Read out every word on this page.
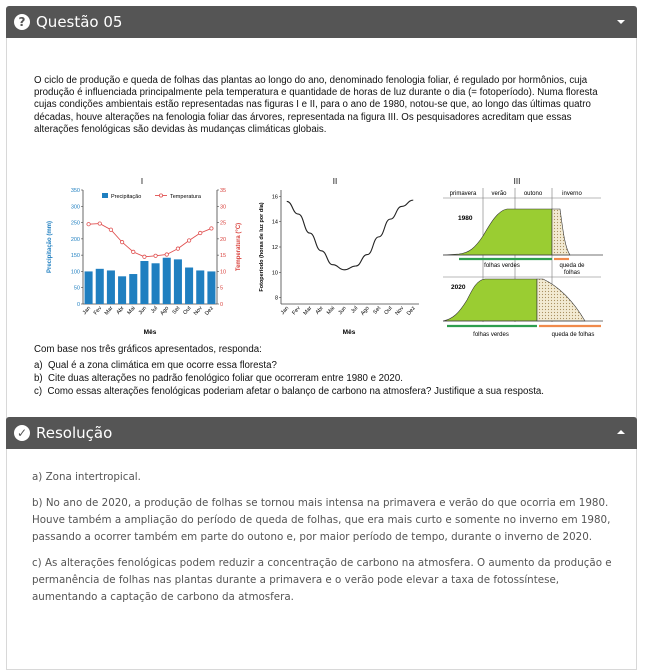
? Questão 05

O ciclo de produção e queda de folhas das plantas ao longo do ano, denominado fenologia foliar, é regulado por hormônios, cuja produção é influenciada principalmente pela temperatura e quantidade de horas de luz durante o dia (= fotoperíodo). Numa floresta cujas condições ambientais estão representadas nas figuras I e II, para o ano de 1980, notou-se que, ao longo das últimas quatro décadas, houve alterações na fenologia foliar das árvores, representada na figura III. Os pesquisadores acreditam que essas alterações fenológicas são devidas às mudanças climáticas globais.

I
0
50
100
150
200
250
300
350
0
5
10
15
20
25
30
35
Jan Fev Mar Abr Mai Jun Jul Ago Set Out Nov Dez
Precipitação	Temperatura
Precipitação (mm)	Temperatura (°C)
Mês
II
8
10
12
14
16
Jan Fev Mar Abr Mai Jun Jul Ago Set Out Nov Dez
Fotoperíodo (horas de luz por dia)
Mês
III
primavera	verão	outono	inverno
1980
folhas verdes	queda de
folhas
2020
folhas verdes	queda de folhas
Com base nos três gráficos apresentados, responda:
a)  Qual é a zona climática em que ocorre essa floresta?
b)  Cite duas alterações no padrão fenológico foliar que ocorreram entre 1980 e 2020.
c)  Como essas alterações fenológicas poderiam afetar o balanço de carbono na atmosfera? Justifique a sua resposta.
✓ Resolução

a) Zona intertropical.

b) No ano de 2020, a produção de folhas se tornou mais intensa na primavera e verão do que ocorria em 1980. Houve também a ampliação do período de queda de folhas, que era mais curto e somente no inverno em 1980, passando a ocorrer também em parte do outono e, por maior período de tempo, durante o inverno de 2020.

c) As alterações fenológicas podem reduzir a concentração de carbono na atmosfera. O aumento da produção e permanência de folhas nas plantas durante a primavera e o verão pode elevar a taxa de fotossíntese, aumentando a captação de carbono da atmosfera.
